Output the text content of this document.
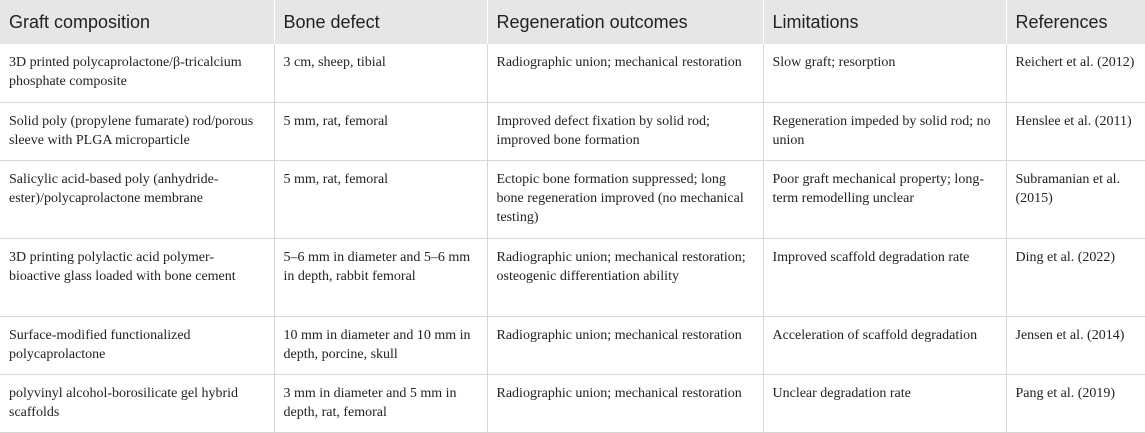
Graft composition	Bone defect	Regeneration outcomes	Limitations	References
3D printed polycaprolactone/β-tricalcium phosphate composite	3 cm, sheep, tibial	Radiographic union; mechanical restoration	Slow graft; resorption	Reichert et al. (2012)
Solid poly (propylene fumarate) rod/porous sleeve with PLGA microparticle	5 mm, rat, femoral	Improved defect fixation by solid rod; improved bone formation	Regeneration impeded by solid rod; no union	Henslee et al. (2011)
Salicylic acid-based poly (anhydride-ester)/polycaprolactone membrane	5 mm, rat, femoral	Ectopic bone formation suppressed; long bone regeneration improved (no mechanical testing)	Poor graft mechanical property; long-term remodelling unclear	Subramanian et al. (2015)
3D printing polylactic acid polymer-bioactive glass loaded with bone cement	5–6 mm in diameter and 5–6 mm in depth, rabbit femoral	Radiographic union; mechanical restoration; osteogenic differentiation ability	Improved scaffold degradation rate	Ding et al. (2022)
Surface-modified functionalized polycaprolactone	10 mm in diameter and 10 mm in depth, porcine, skull	Radiographic union; mechanical restoration	Acceleration of scaffold degradation	Jensen et al. (2014)
polyvinyl alcohol-borosilicate gel hybrid scaffolds	3 mm in diameter and 5 mm in depth, rat, femoral	Radiographic union; mechanical restoration	Unclear degradation rate	Pang et al. (2019)
